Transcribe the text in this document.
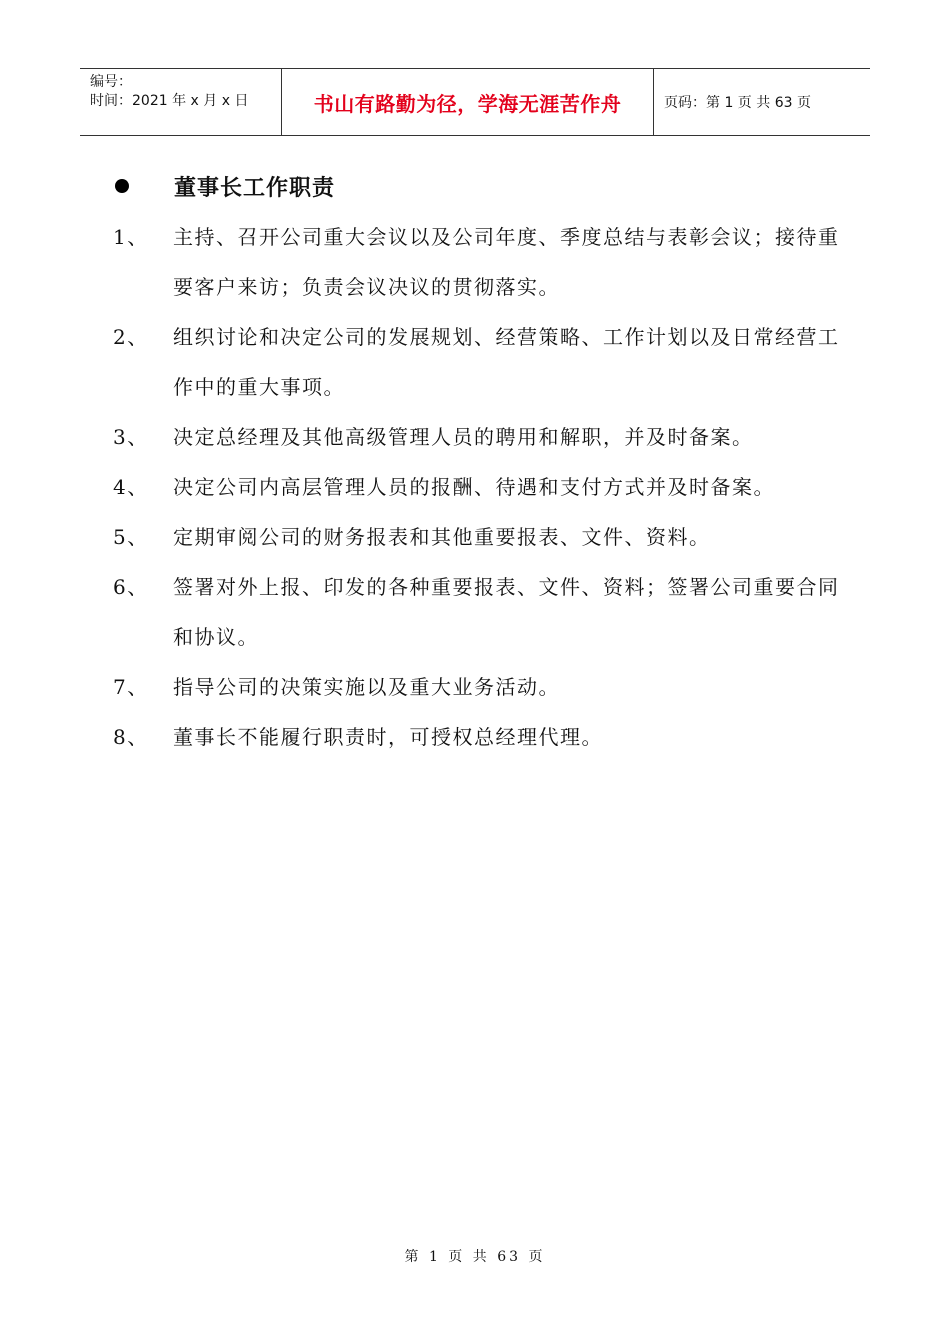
编号：
时间：2021 年 x 月 x 日	书山有路勤为径，学海无涯苦作舟	页码：第 1 页 共 63 页
董事长工作职责
1、	主持、召开公司重大会议以及公司年度、季度总结与表彰会议；接待重要客户来访；负责会议决议的贯彻落实。
2、	组织讨论和决定公司的发展规划、经营策略、工作计划以及日常经营工作中的重大事项。
3、	决定总经理及其他高级管理人员的聘用和解职，并及时备案。
4、	决定公司内高层管理人员的报酬、待遇和支付方式并及时备案。
5、	定期审阅公司的财务报表和其他重要报表、文件、资料。
6、	签署对外上报、印发的各种重要报表、文件、资料；签署公司重要合同和协议。
7、	指导公司的决策实施以及重大业务活动。
8、	董事长不能履行职责时，可授权总经理代理。
第 1 页 共 63 页
